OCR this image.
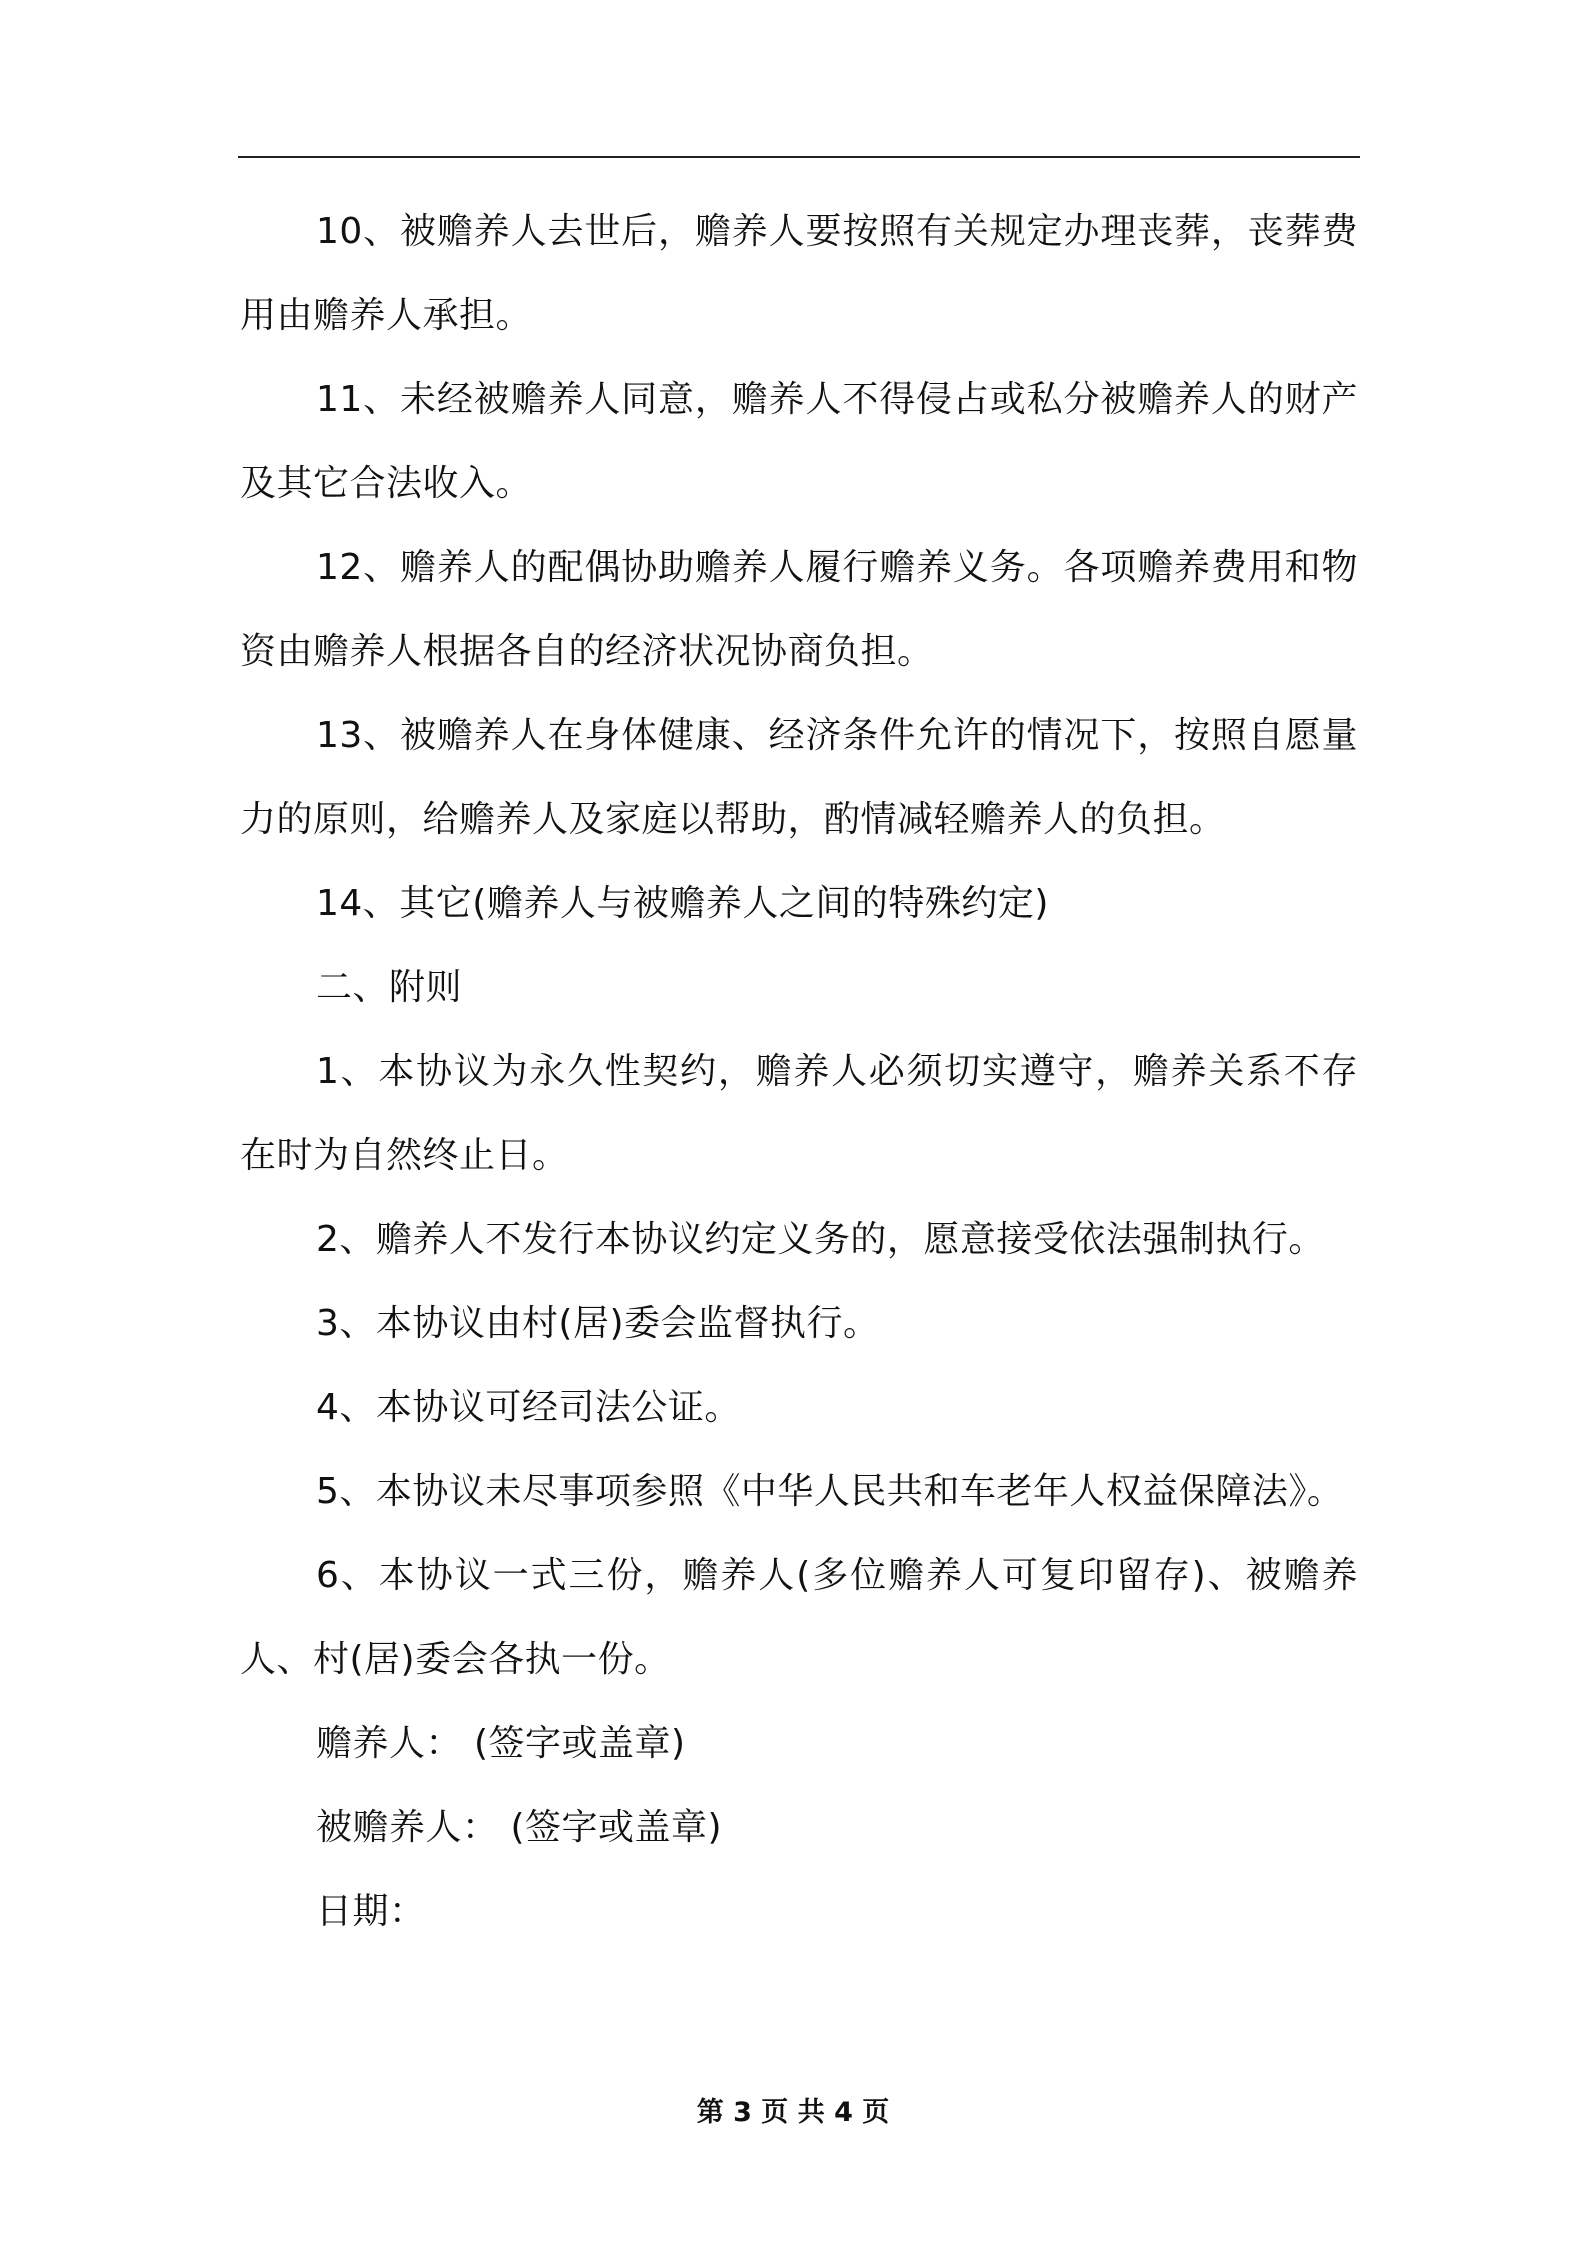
10、被赡养人去世后，赡养人要按照有关规定办理丧葬，丧葬费用由赡养人承担。

11、未经被赡养人同意，赡养人不得侵占或私分被赡养人的财产 及其它合法收入。

12、赡养人的配偶协助赡养人履行赡养义务。各项赡养费用和物资由赡养人根据各自的经济状况协商负担。

13、被赡养人在身体健康、经济条件允许的情况下，按照自愿量力的原则，给赡养人及家庭以帮助，酌情减轻赡养人的负担。

14、其它(赡养人与被赡养人之间的特殊约定)

二、附则

1、本协议为永久性契约，赡养人必须切实遵守，赡养关系不存在时为自然终止日。

2、赡养人不发行本协议约定义务的，愿意接受依法强制执行。

3、本协议由村(居)委会监督执行。

4、本协议可经司法公证。

5、本协议未尽事项参照《中华人民共和车老年人权益保障法》。

6、本协议一式三份，赡养人(多位赡养人可复印留存)、被赡养人、村(居)委会各执一份。

赡养人： (签字或盖章)

被赡养人： (签字或盖章)

日期：

第 3 页 共 4 页
